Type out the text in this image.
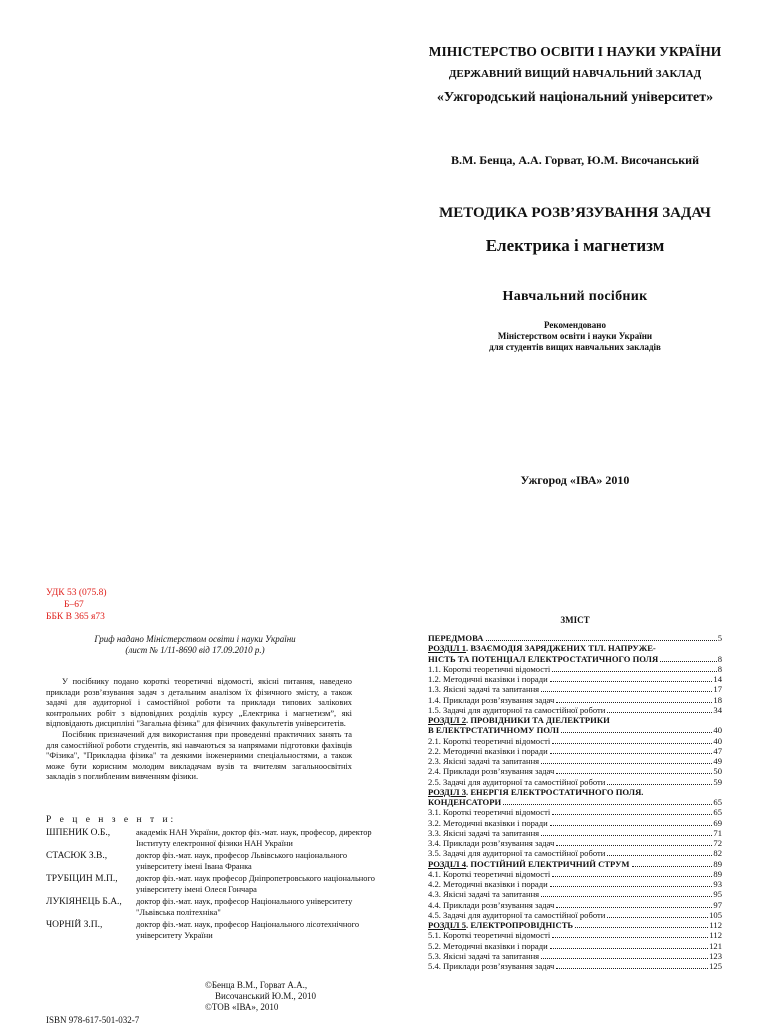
МІНІСТЕРСТВО ОСВІТИ І НАУКИ УКРАЇНИ
ДЕРЖАВНИЙ ВИЩИЙ НАВЧАЛЬНИЙ ЗАКЛАД
«Ужгородський національний університет»
В.М. Бенца, А.А. Горват, Ю.М. Височанський
МЕТОДИКА РОЗВ’ЯЗУВАННЯ ЗАДАЧ
Електрика і магнетизм
Навчальний посібник
Рекомендовано
Міністерством освіти і науки України
для студентів вищих навчальних закладів
Ужгород «ІВА» 2010
УДК 53 (075.8)
Б–67
ББК В 365 я73
Гриф надано Міністерством освіти і науки України
(лист № 1/11-8690 від 17.09.2010 р.)

У посібнику подано короткі теоретичні відомості, якісні питання, наведено приклади розв’язування задач з детальним аналізом їх фізичного змісту, а також задачі для аудиторної і самостійної роботи та приклади типових залікових контрольних робіт з відповідних розділів курсу „Електрика і магнетизм”, які відповідають дисципліні "Загальна фізика" для фізичних факультетів університетів.

Посібник призначений для використання при проведенні практичних занять та для самостійної роботи студентів, які навчаються за напрямами підготовки фахівців "Фізика", "Прикладна фізика" та деякими інженерними спеціальностями, а також може бути корисним молодим викладачам вузів та вчителям загальноосвітніх закладів з поглибленим вивченням фізики.

Р е ц е н з е н т и:
ШПЕНИК О.Б.,	академік НАН України, доктор фіз.-мат. наук, професор, директор Інституту електронної фізики НАН України
СТАСЮК З.В.,	доктор фіз.-мат. наук, професор Львівського національного університету імені Івана Франка
ТРУБІЦИН М.П., доктор фіз.-мат. наук професор Дніпропетровського національного університету імені Олеся Гончара
ЛУКІЯНЕЦЬ Б.А., доктор фіз.-мат. наук, професор Національного університету "Львівська політехніка"
ЧОРНІЙ З.П.,	доктор фіз.-мат. наук, професор Національного лісотехнічного університету України
©Бенца В.М., Горват А.А.,
Височанський Ю.М., 2010
©ТОВ «ІВА», 2010
ISBN 978-617-501-032-7
ЗМІСТ
ПЕРЕДМОВА	5
РОЗДІЛ 1. ВЗАЄМОДІЯ ЗАРЯДЖЕНИХ ТІЛ. НАПРУЖЕ-
НІСТЬ ТА ПОТЕНЦІАЛ ЕЛЕКТРОСТАТИЧНОГО ПОЛЯ	8
1.1. Короткі теоретичні відомості	8
1.2. Методичні вказівки і поради	14
1.3. Якісні задачі та запитання	17
1.4. Приклади розв’язування задач	18
1.5. Задачі для аудиторної та самостійної роботи	34
РОЗДІЛ 2. ПРОВІДНИКИ ТА ДІЕЛЕКТРИКИ
В ЕЛЕКТРСТАТИЧНОМУ ПОЛІ	40
2.1. Короткі теоретичні відомості	40
2.2. Методичні вказівки і поради	47
2.3. Якісні задачі та запитання	49
2.4. Приклади розв’язування задач	50
2.5. Задачі для аудиторної та самостійної роботи	59
РОЗДІЛ 3. ЕНЕРГІЯ ЕЛЕКТРОСТАТИЧНОГО ПОЛЯ.
КОНДЕНСАТОРИ	65
3.1. Короткі теоретичні відомості	65
3.2. Методичні вказівки і поради	69
3.3. Якісні задачі та запитання	71
3.4. Приклади розв’язування задач	72
3.5. Задачі для аудиторної та самостійної роботи	82
РОЗДІЛ 4. ПОСТІЙНИЙ ЕЛЕКТРИЧНИЙ СТРУМ	89
4.1. Короткі теоретичні відомості	89
4.2. Методичні вказівки і поради	93
4.3. Якісні задачі та запитання	95
4.4. Приклади розв’язування задач	97
4.5. Задачі для аудиторної та самостійної роботи	105
РОЗДІЛ 5. ЕЛЕКТРОПРОВІДНІСТЬ	112
5.1. Короткі теоретичні відомості	112
5.2. Методичні вказівки і поради	121
5.3. Якісні задачі та запитання	123
5.4. Приклади розв’язування задач	125
